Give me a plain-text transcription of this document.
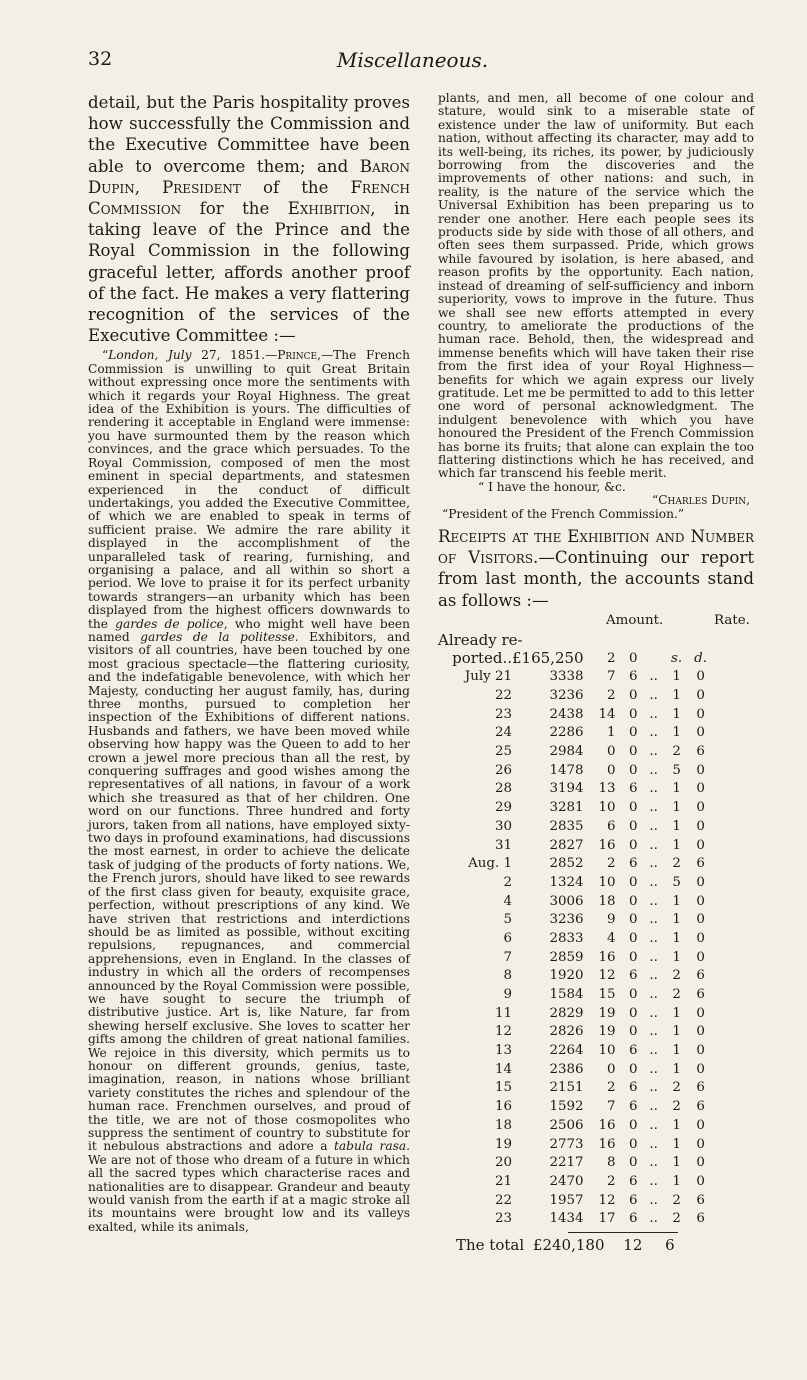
32	Miscellaneous.

detail, but the Paris hospitality proves how successfully the Commission and the Executive Committee have been able to overcome them; and Baron Dupin, President of the French Commission for the Exhibition, in taking leave of the Prince and the Royal Commission in the following graceful letter, affords another proof of the fact. He makes a very flattering recognition of the services of the Executive Committee :—

“London, July 27, 1851.—Prince,—The French Commission is unwilling to quit Great Britain without expressing once more the sentiments with which it regards your Royal Highness. The great idea of the Exhibition is yours. The difficulties of rendering it acceptable in England were immense: you have surmounted them by the reason which convinces, and the grace which persuades. To the Royal Commission, composed of men the most eminent in special departments, and statesmen experienced in the conduct of difficult undertakings, you added the Executive Committee, of which we are enabled to speak in terms of sufficient praise. We admire the rare ability it displayed in the accomplishment of the unparalleled task of rearing, furnishing, and organising a palace, and all within so short a period. We love to praise it for its perfect urbanity towards strangers—an urbanity which has been displayed from the highest officers downwards to the gardes de police, who might well have been named gardes de la politesse. Exhibitors, and visitors of all countries, have been touched by one most gracious spectacle—the flattering curiosity, and the indefatigable benevolence, with which her Majesty, conducting her august family, has, during three months, pursued to completion her inspection of the Exhibitions of different nations. Husbands and fathers, we have been moved while observing how happy was the Queen to add to her crown a jewel more precious than all the rest, by conquering suffrages and good wishes among the representatives of all nations, in favour of a work which she treasured as that of her children. One word on our functions. Three hundred and forty jurors, taken from all nations, have employed sixty-two days in profound examinations, had discussions the most earnest, in order to achieve the delicate task of judging of the products of forty nations. We, the French jurors, should have liked to see rewards of the first class given for beauty, exquisite grace, perfection, without prescriptions of any kind. We have striven that restrictions and interdictions should be as limited as possible, without exciting repulsions, repugnances, and commercial apprehensions, even in England. In the classes of industry in which all the orders of recompenses announced by the Royal Commission were possible, we have sought to secure the triumph of distributive justice. Art is, like Nature, far from shewing herself exclusive. She loves to scatter her gifts among the children of great national families. We rejoice in this diversity, which permits us to honour on different grounds, genius, taste, imagination, reason, in nations whose brilliant variety constitutes the riches and splendour of the human race. Frenchmen ourselves, and proud of the title, we are not of those cosmopolites who suppress the sentiment of country to substitute for it nebulous abstractions and adore a tabula rasa. We are not of those who dream of a future in which all the sacred types which characterise races and nationalities are to disappear. Grandeur and beauty would vanish from the earth if at a magic stroke all its mountains were brought low and its valleys exalted, while its animals,

plants, and men, all become of one colour and stature, would sink to a miserable state of existence under the law of uniformity. But each nation, without affecting its character, may add to its well-being, its riches, its power, by judiciously borrowing from the discoveries and the improvements of other nations: and such, in reality, is the nature of the service which the Universal Exhibition has been preparing us to render one another. Here each people sees its products side by side with those of all others, and often sees them surpassed. Pride, which grows while favoured by isolation, is here abased, and reason profits by the opportunity. Each nation, instead of dreaming of self-sufficiency and inborn superiority, vows to improve in the future. Thus we shall see new efforts attempted in every country, to ameliorate the productions of the human race. Behold, then, the widespread and immense benefits which will have taken their rise from the first idea of your Royal Highness—benefits for which we again express our lively gratitude. Let me be permitted to add to this letter one word of personal acknowledgment. The indulgent benevolence with which you have honoured the President of the French Commission has borne its fruits; that alone can explain the too flattering distinctions which he has received, and which far transcend his feeble merit.

“ I have the honour, &c.

“Charles Dupin,

“President of the French Commission.”

Receipts at the Exhibition and Number of Visitors.—Continuing our report from last month, the accounts stand as follows :—

Amount.	Rate.
Already re-
ported..	£165,250	2	0		s.	d.
July 21	3338	7	6	..	1	0
22	3236	2	0	..	1	0
23	2438	14	0	..	1	0
24	2286	1	0	..	1	0
25	2984	0	0	..	2	6
26	1478	0	0	..	5	0
28	3194	13	6	..	1	0
29	3281	10	0	..	1	0
30	2835	6	0	..	1	0
31	2827	16	0	..	1	0
Aug. 1	2852	2	6	..	2	6
2	1324	10	0	..	5	0
4	3006	18	0	..	1	0
5	3236	9	0	..	1	0
6	2833	4	0	..	1	0
7	2859	16	0	..	1	0
8	1920	12	6	..	2	6
9	1584	15	0	..	2	6
11	2829	19	0	..	1	0
12	2826	19	0	..	1	0
13	2264	10	6	..	1	0
14	2386	0	0	..	1	0
15	2151	2	6	..	2	6
16	1592	7	6	..	2	6
18	2506	16	0	..	1	0
19	2773	16	0	..	1	0
20	2217	8	0	..	1	0
21	2470	2	6	..	1	0
22	1957	12	6	..	2	6
23	1434	17	6	..	2	6
The total £240,180 12 6
